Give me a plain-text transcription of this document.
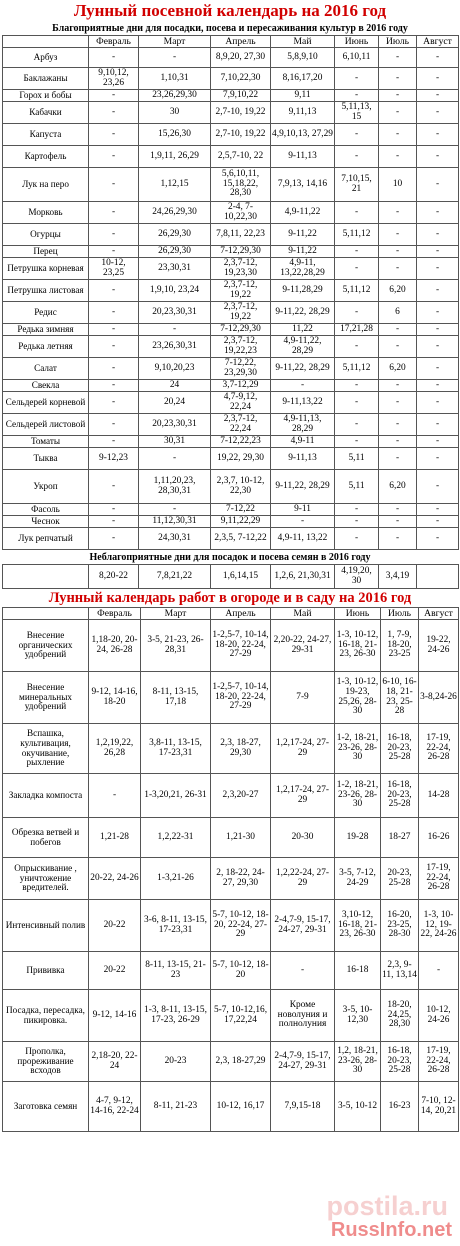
Лунный посевной календарь на 2016 год
Благоприятные дни для посадки, посева и пересаживания культур в 2016 году
	Февраль	Март	Апрель	Май	Июнь	Июль	Август
Арбуз	-	-	8,9,20, 27,30	5,8,9,10	6,10,11	-	-
Баклажаны	9,10,12, 23,26	1,10,31	7,10,22,30	8,16,17,20	-	-	-
Горох и бобы	-	23,26,29,30	7,9,10,22	9,11	-	-	-
Кабачки	-	30	2,7-10, 19,22	9,11,13	5,11,13, 15	-	-
Капуста	-	15,26,30	2,7-10, 19,22	4,9,10,13, 27,29	-	-	-
Картофель	-	1,9,11, 26,29	2,5,7-10, 22	9-11,13	-	-	-
Лук на перо	-	1,12,15	5,6,10,11, 15,18,22, 28,30	7,9,13, 14,16	7,10,15, 21	10	-
Морковь	-	24,26,29,30	2-4, 7-10,22,30	4,9-11,22	-	-	-
Огурцы	-	26,29,30	7,8,11, 22,23	9-11,22	5,11,12	-	-
Перец	-	26,29,30	7-12,29,30	9-11,22	-	-	-
Петрушка корневая	10-12, 23,25	23,30,31	2,3,7-12, 19,23,30	4,9-11, 13,22,28,29	-	-	-
Петрушка листовая	-	1,9,10, 23,24	2,3,7-12, 19,22	9-11,28,29	5,11,12	6,20	-
Редис	-	20,23,30,31	2,3,7-12, 19,22	9-11,22, 28,29	-	6	-
Редька зимняя	-	-	7-12,29,30	11,22	17,21,28	-	-
Редька летняя	-	23,26,30,31	2,3,7-12, 19,22,23	4,9-11,22, 28,29	-	-	-
Салат	-	9,10,20,23	7-12,22, 23,29,30	9-11,22, 28,29	5,11,12	6,20	-
Свекла	-	24	3,7-12,29	-	-	-	-
Сельдерей корневой	-	20,24	4,7-9,12, 22,24	9-11,13,22	-	-	-
Сельдерей листовой	-	20,23,30,31	2,3,7-12, 22,24	4,9-11,13, 28,29	-	-	-
Томаты	-	30,31	7-12,22,23	4,9-11	-	-	-
Тыква	9-12,23	-	19,22, 29,30	9-11,13	5,11	-	-
Укроп	-	1,11,20,23, 28,30,31	2,3,7, 10-12, 22,30	9-11,22, 28,29	5,11	6,20	-
Фасоль	-	-	7-12,22	9-11	-	-	-
Чеснок	-	11,12,30,31	9,11,22,29	-	-	-	-
Лук репчатый	-	24,30,31	2,3,5, 7-12,22	4,9-11, 13,22	-	-	-
Неблагоприятные дни для посадок и посева семян в 2016 году
	8,20-22	7,8,21,22	1,6,14,15	1,2,6, 21,30,31	4,19,20, 30	3,4,19	
Лунный календарь работ в огороде и в саду на 2016 год
	Февраль	Март	Апрель	Май	Июнь	Июль	Август
Внесение органических удобрений	1,18-20, 20-24, 26-28	3-5, 21-23, 26-28,31	1-2,5-7, 10-14, 18-20, 22-24, 27-29	2,20-22, 24-27, 29-31	1-3, 10-12, 16-18, 21-23, 26-30	1, 7-9, 18-20, 23-25	19-22, 24-26
Внесение минеральных удобрений	9-12, 14-16, 18-20	8-11, 13-15, 17,18	1-2,5-7, 10-14, 18-20, 22-24, 27-29	7-9	1-3, 10-12, 19-23, 25,26, 28-30	6-10, 16-18, 21-23, 25-28	3-8,24-26
Вспашка, культивация, окучивание, рыхление	1,2,19,22, 26,28	3,8-11, 13-15, 17-23,31	2,3, 18-27, 29,30	1,2,17-24, 27-29	1-2, 18-21, 23-26, 28-30	16-18, 20-23, 25-28	17-19, 22-24, 26-28
Закладка компоста	-	1-3,20,21, 26-31	2,3,20-27	1,2,17-24, 27-29	1-2, 18-21, 23-26, 28-30	16-18, 20-23, 25-28	14-28
Обрезка ветвей и побегов	1,21-28	1,2,22-31	1,21-30	20-30	19-28	18-27	16-26
Опрыскивание , уничтожение вредителей.	20-22, 24-26	1-3,21-26	2, 18-22, 24-27, 29,30	1,2,22-24, 27-29	3-5, 7-12, 24-29	20-23, 25-28	17-19, 22-24, 26-28
Интенсивный полив	20-22	3-6, 8-11, 13-15, 17-23,31	5-7, 10-12, 18-20, 22-24, 27-29	2-4,7-9, 15-17, 24-27, 29-31	3,10-12, 16-18, 21-23, 26-30	16-20, 23-25, 28-30	1-3, 10-12, 19-22, 24-26
Прививка	20-22	8-11, 13-15, 21-23	5-7, 10-12, 18-20	-	16-18	2,3, 9-11, 13,14	-
Посадка, пересадка, пикировка.	9-12, 14-16	1-3, 8-11, 13-15, 17-23, 26-29	5-7, 10-12,16, 17,22,24	Кроме новолуния и полнолуния	3-5, 10-12,30	18-20, 24,25, 28,30	10-12, 24-26
Прополка, прореживание всходов	2,18-20, 22-24	20-23	2,3, 18-27,29	2-4,7-9, 15-17, 24-27, 29-31	1,2, 18-21, 23-26, 28-30	16-18, 20-23, 25-28	17-19, 22-24, 26-28
Заготовка семян	4-7, 9-12, 14-16, 22-24	8-11, 21-23	10-12, 16,17	7,9,15-18	3-5, 10-12	16-23	7-10, 12-14, 20,21
postila.ru
RussInfo.net
